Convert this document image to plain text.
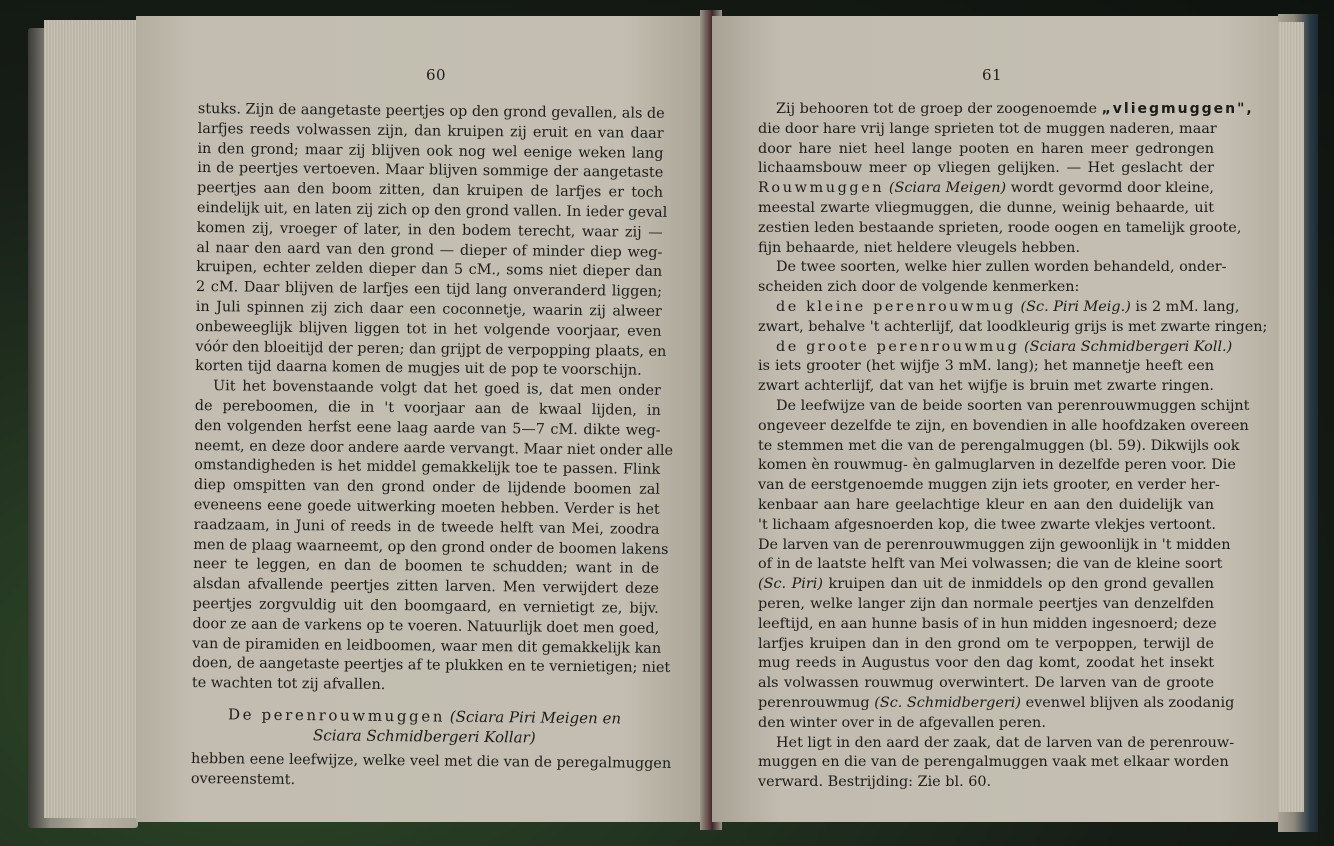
60

stuks. Zijn de aangetaste peertjes op den grond gevallen, als de
larfjes reeds volwassen zijn, dan kruipen zij eruit en van daar
in den grond; maar zij blijven ook nog wel eenige weken lang
in de peertjes vertoeven. Maar blijven sommige der aangetaste
peertjes aan den boom zitten, dan kruipen de larfjes er toch
eindelijk uit, en laten zij zich op den grond vallen. In ieder geval
komen zij, vroeger of later, in den bodem terecht, waar zij —
al naar den aard van den grond — dieper of minder diep weg-
kruipen, echter zelden dieper dan 5 cM., soms niet dieper dan
2 cM. Daar blijven de larfjes een tijd lang onveranderd liggen;
in Juli spinnen zij zich daar een coconnetje, waarin zij alweer
onbeweeglijk blijven liggen tot in het volgende voorjaar, even
vóór den bloeitijd der peren; dan grijpt de verpopping plaats, en
korten tijd daarna komen de mugjes uit de pop te voorschijn.

Uit het bovenstaande volgt dat het goed is, dat men onder
de pereboomen, die in 't voorjaar aan de kwaal lijden, in
den volgenden herfst eene laag aarde van 5—7 cM. dikte weg-
neemt, en deze door andere aarde vervangt. Maar niet onder alle
omstandigheden is het middel gemakkelijk toe te passen. Flink
diep omspitten van den grond onder de lijdende boomen zal
eveneens eene goede uitwerking moeten hebben. Verder is het
raadzaam, in Juni of reeds in de tweede helft van Mei, zoodra
men de plaag waarneemt, op den grond onder de boomen lakens
neer te leggen, en dan de boomen te schudden; want in de
alsdan afvallende peertjes zitten larven. Men verwijdert deze
peertjes zorgvuldig uit den boomgaard, en vernietigt ze, bijv.
door ze aan de varkens op te voeren. Natuurlijk doet men goed,
van de piramiden en leidboomen, waar men dit gemakkelijk kan
doen, de aangetaste peertjes af te plukken en te vernietigen; niet
te wachten tot zij afvallen.

De perenrouwmuggen (Sciara Piri Meigen en
Sciara Schmidbergeri Kollar)

hebben eene leefwijze, welke veel met die van de peregalmuggen
overeenstemt.

61

Zij behooren tot de groep der zoogenoemde „vliegmuggen",
die door hare vrij lange sprieten tot de muggen naderen, maar
door hare niet heel lange pooten en haren meer gedrongen
lichaamsbouw meer op vliegen gelijken. — Het geslacht der
Rouwmuggen (Sciara Meigen) wordt gevormd door kleine,
meestal zwarte vliegmuggen, die dunne, weinig behaarde, uit
zestien leden bestaande sprieten, roode oogen en tamelijk groote,
fijn behaarde, niet heldere vleugels hebben.

De twee soorten, welke hier zullen worden behandeld, onder-
scheiden zich door de volgende kenmerken:

de kleine perenrouwmug (Sc. Piri Meig.) is 2 mM. lang,
zwart, behalve 't achterlijf, dat loodkleurig grijs is met zwarte ringen;
de groote perenrouwmug (Sciara Schmidbergeri Koll.)
is iets grooter (het wijfje 3 mM. lang); het mannetje heeft een
zwart achterlijf, dat van het wijfje is bruin met zwarte ringen.

De leefwijze van de beide soorten van perenrouwmuggen schijnt
ongeveer dezelfde te zijn, en bovendien in alle hoofdzaken overeen
te stemmen met die van de perengalmuggen (bl. 59). Dikwijls ook
komen èn rouwmug- èn galmuglarven in dezelfde peren voor. Die
van de eerstgenoemde muggen zijn iets grooter, en verder her-
kenbaar aan hare geelachtige kleur en aan den duidelijk van
't lichaam afgesnoerden kop, die twee zwarte vlekjes vertoont.
De larven van de perenrouwmuggen zijn gewoonlijk in 't midden
of in de laatste helft van Mei volwassen; die van de kleine soort
(Sc. Piri) kruipen dan uit de inmiddels op den grond gevallen
peren, welke langer zijn dan normale peertjes van denzelfden
leeftijd, en aan hunne basis of in hun midden ingesnoerd; deze
larfjes kruipen dan in den grond om te verpoppen, terwijl de
mug reeds in Augustus voor den dag komt, zoodat het insekt
als volwassen rouwmug overwintert. De larven van de groote
perenrouwmug (Sc. Schmidbergeri) evenwel blijven als zoodanig
den winter over in de afgevallen peren.

Het ligt in den aard der zaak, dat de larven van de perenrouw-
muggen en die van de perengalmuggen vaak met elkaar worden
verward. Bestrijding: Zie bl. 60.
